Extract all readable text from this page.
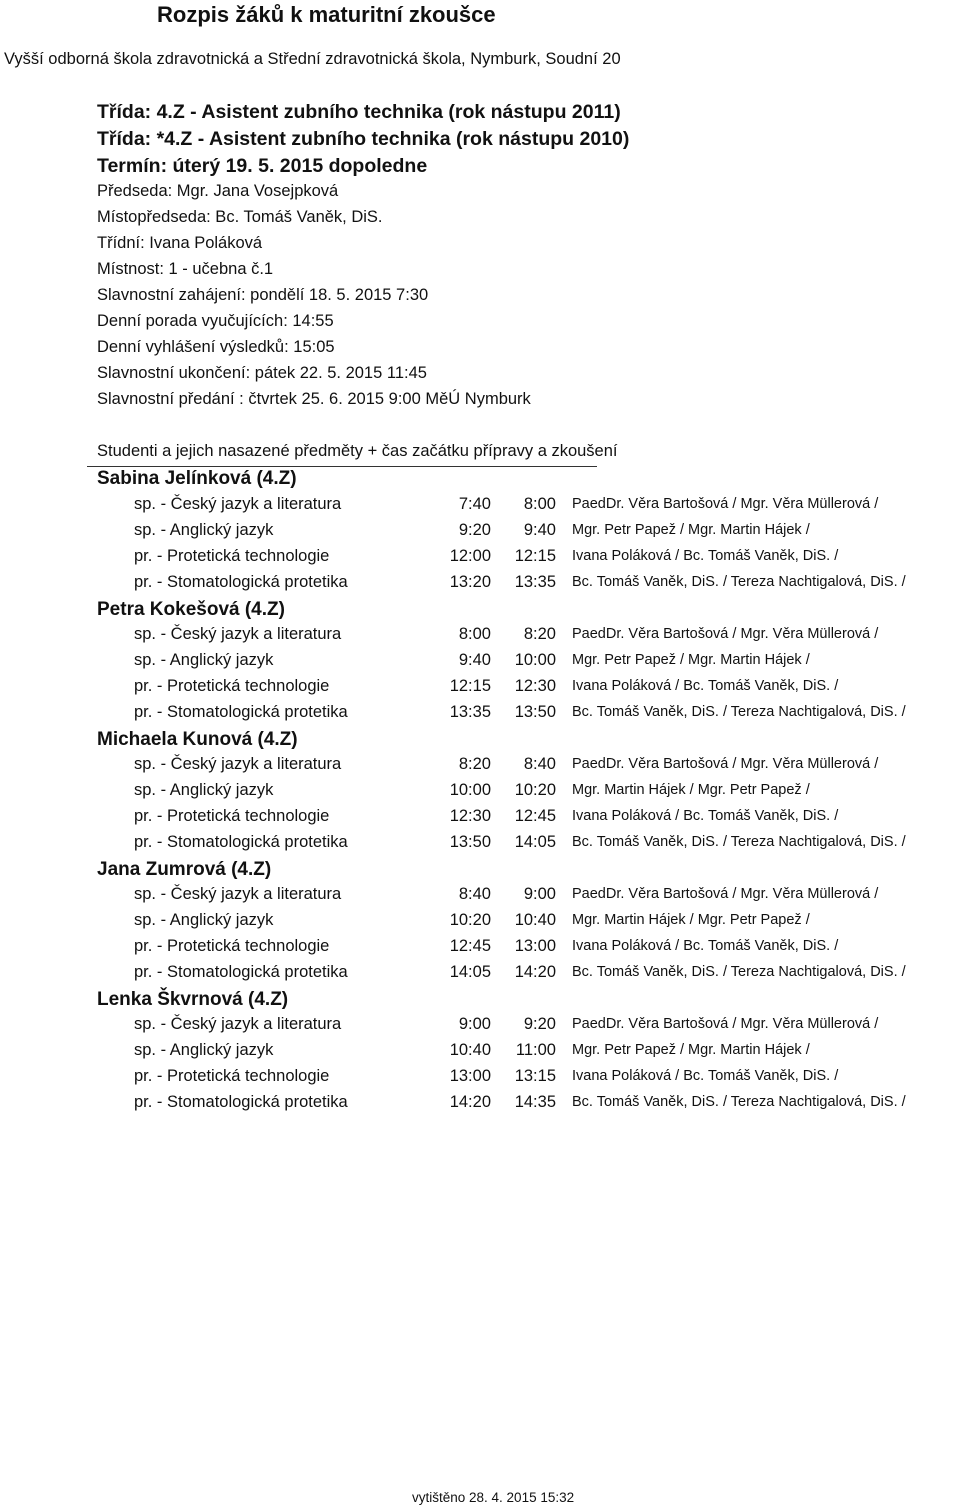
Rozpis žáků k maturitní zkoušce
Vyšší odborná škola zdravotnická a Střední zdravotnická škola, Nymburk, Soudní 20
Třída: 4.Z - Asistent zubního technika (rok nástupu 2011)
Třída: *4.Z - Asistent zubního technika (rok nástupu 2010)
Termín: úterý 19. 5. 2015 dopoledne
Předseda: Mgr. Jana Vosejpková
Místopředseda: Bc. Tomáš Vaněk, DiS.
Třídní: Ivana Poláková
Místnost: 1 - učebna č.1
Slavnostní zahájení: pondělí 18. 5. 2015 7:30
Denní porada vyučujících: 14:55
Denní vyhlášení výsledků: 15:05
Slavnostní ukončení: pátek 22. 5. 2015 11:45
Slavnostní předání : čtvrtek 25. 6. 2015 9:00 MěÚ Nymburk
Studenti a jejich nasazené předměty + čas začátku přípravy a zkoušení
Sabina Jelínková (4.Z)
sp. - Český jazyk a literatura	7:40	8:00 PaedDr. Věra Bartošová / Mgr. Věra Müllerová /
sp. - Anglický jazyk	9:20	9:40 Mgr. Petr Papež / Mgr. Martin Hájek /
pr. - Protetická technologie	12:00 12:15 Ivana Poláková / Bc. Tomáš Vaněk, DiS. /
pr. - Stomatologická protetika	13:20 13:35 Bc. Tomáš Vaněk, DiS. / Tereza Nachtigalová, DiS. /
Petra Kokešová (4.Z)
sp. - Český jazyk a literatura	8:00	8:20 PaedDr. Věra Bartošová / Mgr. Věra Müllerová /
sp. - Anglický jazyk	9:40 10:00 Mgr. Petr Papež / Mgr. Martin Hájek /
pr. - Protetická technologie	12:15 12:30 Ivana Poláková / Bc. Tomáš Vaněk, DiS. /
pr. - Stomatologická protetika	13:35 13:50 Bc. Tomáš Vaněk, DiS. / Tereza Nachtigalová, DiS. /
Michaela Kunová (4.Z)
sp. - Český jazyk a literatura	8:20	8:40 PaedDr. Věra Bartošová / Mgr. Věra Müllerová /
sp. - Anglický jazyk	10:00 10:20 Mgr. Martin Hájek / Mgr. Petr Papež /
pr. - Protetická technologie	12:30 12:45 Ivana Poláková / Bc. Tomáš Vaněk, DiS. /
pr. - Stomatologická protetika	13:50 14:05 Bc. Tomáš Vaněk, DiS. / Tereza Nachtigalová, DiS. /
Jana Zumrová (4.Z)
sp. - Český jazyk a literatura	8:40	9:00 PaedDr. Věra Bartošová / Mgr. Věra Müllerová /
sp. - Anglický jazyk	10:20 10:40 Mgr. Martin Hájek / Mgr. Petr Papež /
pr. - Protetická technologie	12:45 13:00 Ivana Poláková / Bc. Tomáš Vaněk, DiS. /
pr. - Stomatologická protetika	14:05 14:20 Bc. Tomáš Vaněk, DiS. / Tereza Nachtigalová, DiS. /
Lenka Škvrnová (4.Z)
sp. - Český jazyk a literatura	9:00	9:20 PaedDr. Věra Bartošová / Mgr. Věra Müllerová /
sp. - Anglický jazyk	10:40	11:00 Mgr. Petr Papež / Mgr. Martin Hájek /
pr. - Protetická technologie	13:00 13:15 Ivana Poláková / Bc. Tomáš Vaněk, DiS. /
pr. - Stomatologická protetika	14:20 14:35 Bc. Tomáš Vaněk, DiS. / Tereza Nachtigalová, DiS. /
vytištěno 28. 4. 2015 15:32
